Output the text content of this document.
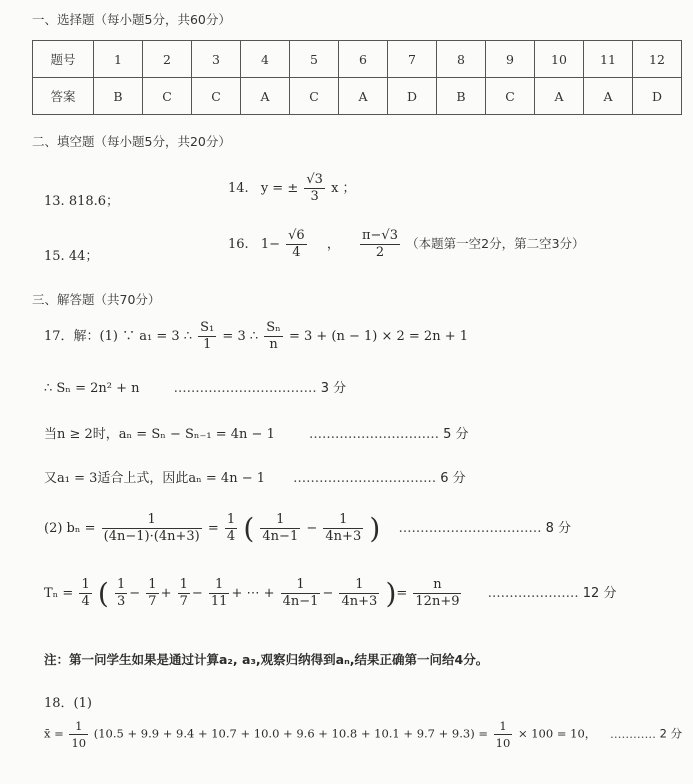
一、选择题（每小题5分，共60分）
题号	1	2	3	4	5	6	7	8	9	10	11	12
答案	B	C	C	A	C	A	D	B	C	A	A	D
二、填空题（每小题5分，共20分）
13. 818.6；
14. y = ± $\frac{√3}{3}$ x ；
15. 44；
16. $1- \frac{√6}{4}$ ， $\frac{\pi-√3}{2}$ （本题第一空2分，第二空3分）
三、解答题（共70分）
17．解：(1) ∵ a₁ = 3 ∴ $\frac{\text{S₁}}{1} = 3$ ∴ $\frac{\text{Sₙ}}{n} = 3 + (n - 1) \times 2 = 2n + 1$
∴ Sₙ = 2n² + n	…………………………… 3 分
当n ≥ 2时，aₙ = Sₙ − Sₙ₋₁ = 4n − 1	………………………… 5 分
又a₁ = 3适合上式，因此aₙ = 4n − 1 …………………………… 6 分
(2) $b_n = \frac{1}{(4n-1)\cdot(4n+3)} = \frac{1}{4}$ ( $\frac{1}{4n-1} - \frac{1}{4n+3}$ ) …………………………… 8 分
$T_n = \frac{1}{4}$ ( $\frac{1}{3} - \frac{1}{7} + \frac{1}{7} - \frac{1}{11}$ + ⋯ + $\frac{1}{4n-1} - \frac{1}{4n+3}$ )= $\frac{n}{12n+9}$ ………………… 12 分
注：第一问学生如果是通过计算a₂, a₃,观察归纳得到aₙ,结果正确第一问给4分。
18．(1)
x̄ = $\frac{1}{10} (10.5 + 9.9 + 9.4 + 10.7 + 10.0 + 9.6 + 10.8 + 10.1 + 9.7 + 9.3) = \frac{1}{10} \times 100 = 10$， ………… 2 分
